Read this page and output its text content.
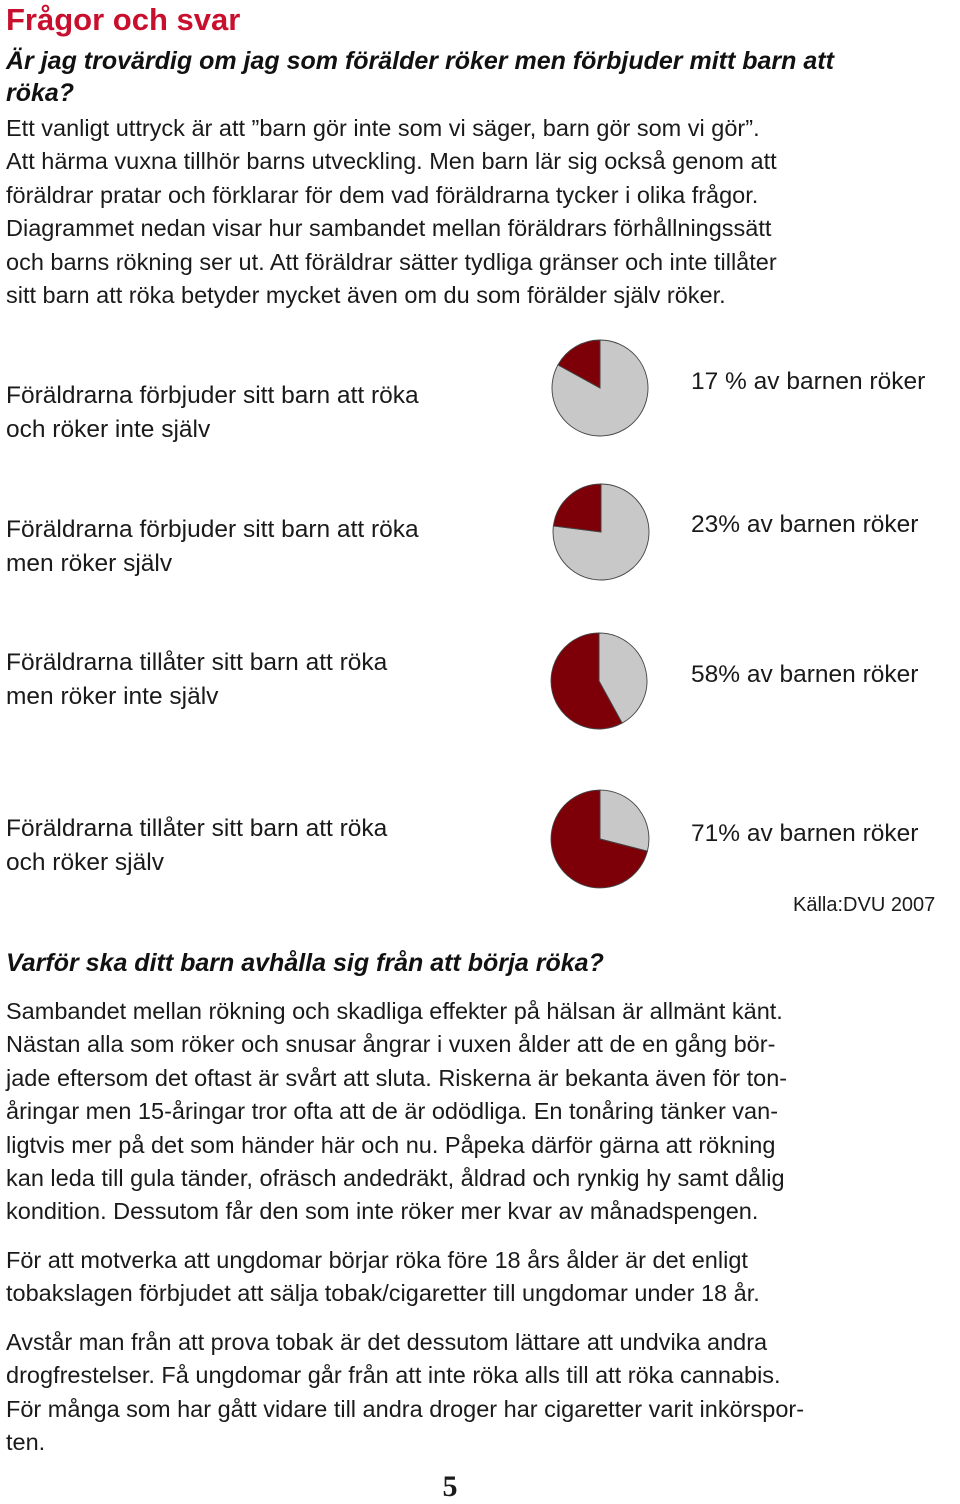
Frågor och svar
Är jag trovärdig om jag som förälder röker men förbjuder mitt barn att
röka?
Ett vanligt uttryck är att ”barn gör inte som vi säger, barn gör som vi gör”.
Att härma vuxna tillhör barns utveckling. Men barn lär sig också genom att
föräldrar pratar och förklarar för dem vad föräldrarna tycker i olika frågor.
Diagrammet nedan visar hur sambandet mellan föräldrars förhållningssätt
och barns rökning ser ut. Att föräldrar sätter tydliga gränser och inte tillåter
sitt barn att röka betyder mycket även om du som förälder själv röker.
Föräldrarna förbjuder sitt barn att röka
och röker inte själv
17 % av barnen röker
Föräldrarna förbjuder sitt barn att röka
men röker själv
23% av barnen röker
Föräldrarna tillåter sitt barn att röka
men röker inte själv
58% av barnen röker
Föräldrarna tillåter sitt barn att röka
och röker själv
71% av barnen röker
Källa:DVU 2007
Varför ska ditt barn avhålla sig från att börja röka?
Sambandet mellan rökning och skadliga effekter på hälsan är allmänt känt.
Nästan alla som röker och snusar ångrar i vuxen ålder att de en gång bör-
jade eftersom det oftast är svårt att sluta. Riskerna är bekanta även för ton-
åringar men 15-åringar tror ofta att de är odödliga. En tonåring tänker van-
ligtvis mer på det som händer här och nu. Påpeka därför gärna att rökning
kan leda till gula tänder, ofräsch andedräkt, åldrad och rynkig hy samt dålig
kondition. Dessutom får den som inte röker mer kvar av månadspengen.
För att motverka att ungdomar börjar röka före 18 års ålder är det enligt
tobakslagen förbjudet att sälja tobak/cigaretter till ungdomar under 18 år.
Avstår man från att prova tobak är det dessutom lättare att undvika andra
drogfrestelser. Få ungdomar går från att inte röka alls till att röka cannabis.
För många som har gått vidare till andra droger har cigaretter varit inkörspor-
ten.
5
